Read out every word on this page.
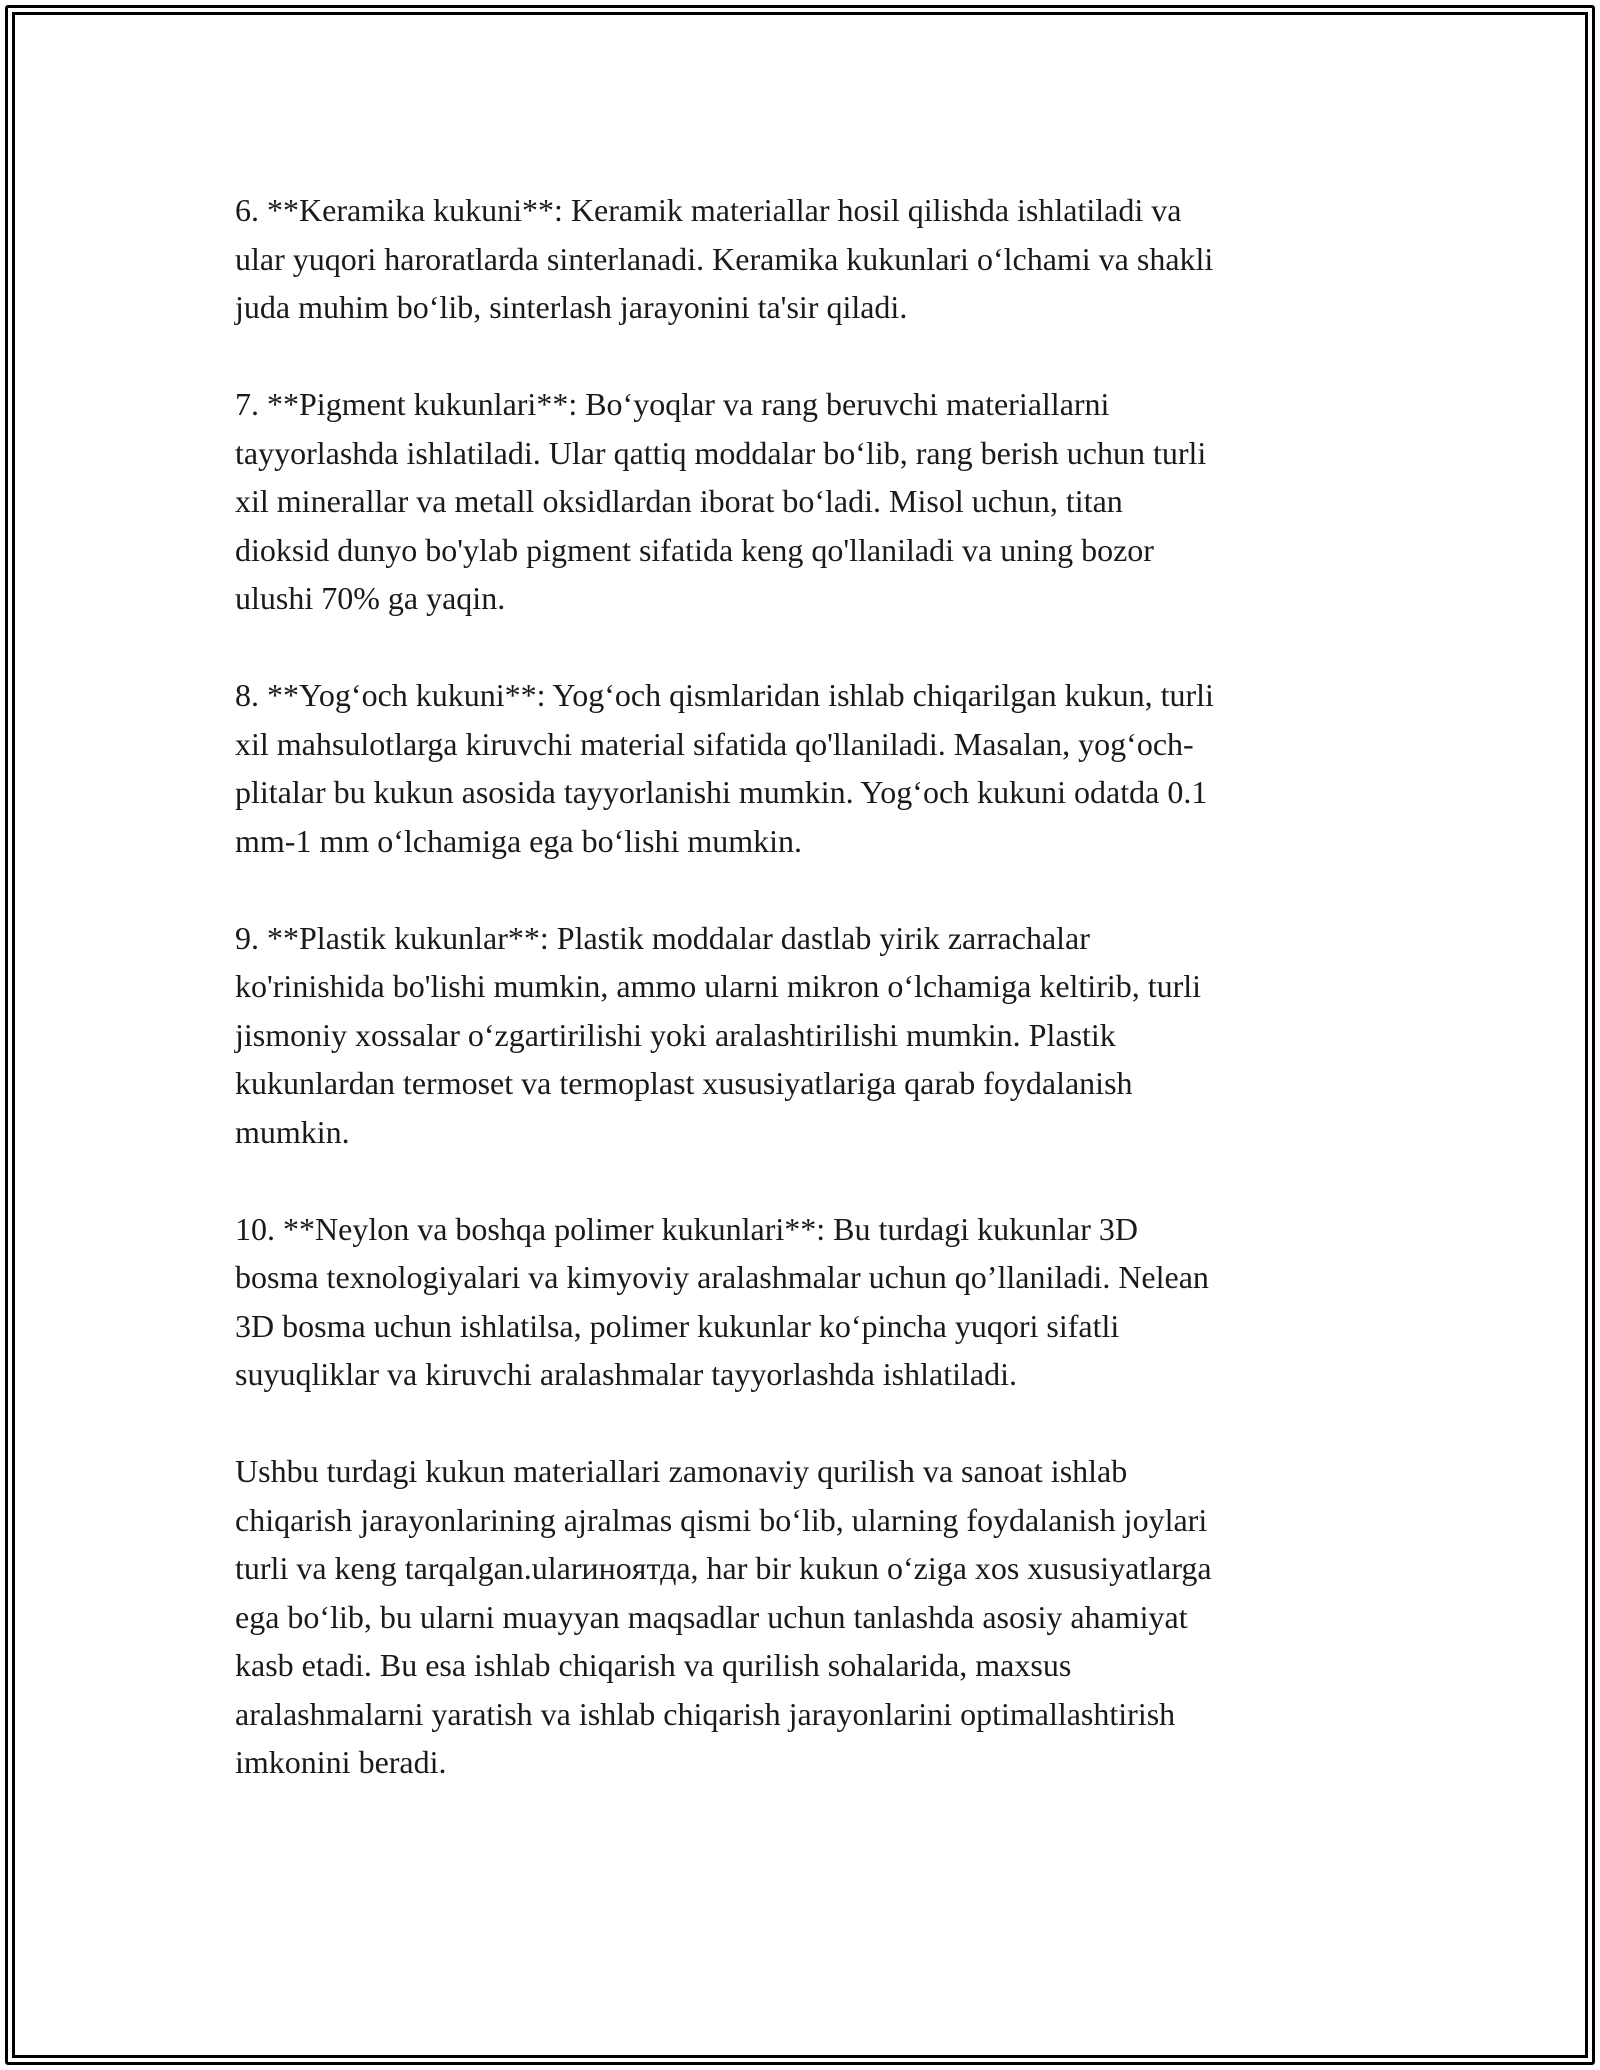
6. **Keramika kukuni**: Keramik materiallar hosil qilishda ishlatiladi va
ular yuqori haroratlarda sinterlanadi. Keramika kukunlari o‘lchami va shakli
juda muhim bo‘lib, sinterlash jarayonini ta'sir qiladi.

7. **Pigment kukunlari**: Bo‘yoqlar va rang beruvchi materiallarni
tayyorlashda ishlatiladi. Ular qattiq moddalar bo‘lib, rang berish uchun turli
xil minerallar va metall oksidlardan iborat bo‘ladi. Misol uchun, titan
dioksid dunyo bo'ylab pigment sifatida keng qo'llaniladi va uning bozor
ulushi 70% ga yaqin.

8. **Yog‘och kukuni**: Yog‘och qismlaridan ishlab chiqarilgan kukun, turli
xil mahsulotlarga kiruvchi material sifatida qo'llaniladi. Masalan, yog‘och-
plitalar bu kukun asosida tayyorlanishi mumkin. Yog‘och kukuni odatda 0.1
mm-1 mm o‘lchamiga ega bo‘lishi mumkin.

9. **Plastik kukunlar**: Plastik moddalar dastlab yirik zarrachalar
ko'rinishida bo'lishi mumkin, ammo ularni mikron o‘lchamiga keltirib, turli
jismoniy xossalar o‘zgartirilishi yoki aralashtirilishi mumkin. Plastik
kukunlardan termoset va termoplast xususiyatlariga qarab foydalanish
mumkin.

10. **Neylon va boshqa polimer kukunlari**: Bu turdagi kukunlar 3D
bosma texnologiyalari va kimyoviy aralashmalar uchun qo’llaniladi. Nelean
3D bosma uchun ishlatilsa, polimer kukunlar ko‘pincha yuqori sifatli
suyuqliklar va kiruvchi aralashmalar tayyorlashda ishlatiladi.

Ushbu turdagi kukun materiallari zamonaviy qurilish va sanoat ishlab
chiqarish jarayonlarining ajralmas qismi bo‘lib, ularning foydalanish joylari
turli va keng tarqalgan.ularинoятда, har bir kukun o‘ziga xos xususiyatlarga
ega bo‘lib, bu ularni muayyan maqsadlar uchun tanlashda asosiy ahamiyat
kasb etadi. Bu esa ishlab chiqarish va qurilish sohalarida, maxsus
aralashmalarni yaratish va ishlab chiqarish jarayonlarini optimallashtirish
imkonini beradi.
